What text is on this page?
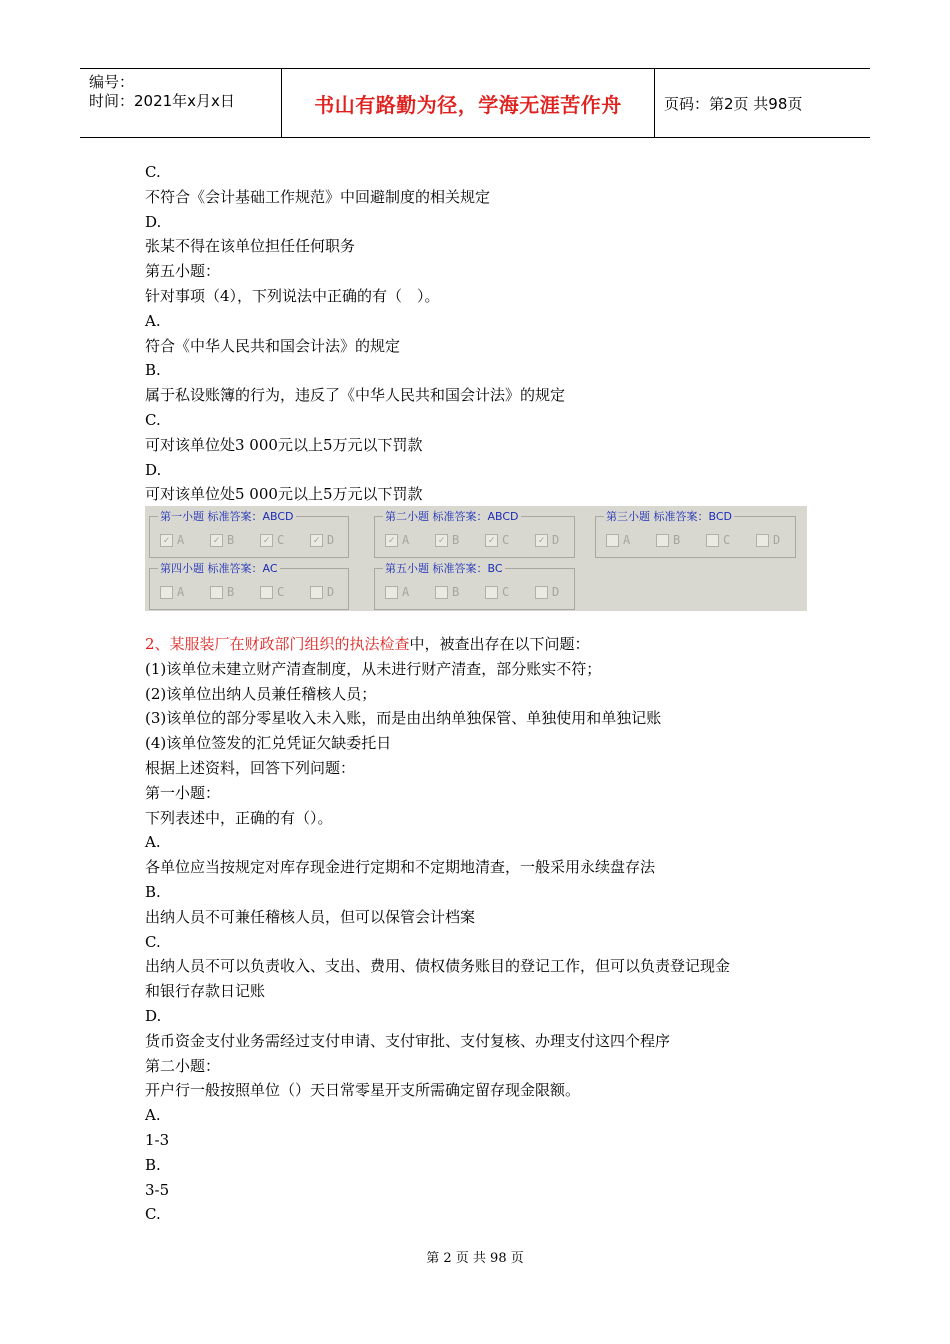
编号：
时间：2021年x月x日	书山有路勤为径，学海无涯苦作舟	页码：第2页 共98页
C.
不符合《会计基础工作规范》中回避制度的相关规定
D.
张某不得在该单位担任任何职务
第五小题：
针对事项（4），下列说法中正确的有（　）。
A.
符合《中华人民共和国会计法》的规定
B.
属于私设账簿的行为，违反了《中华人民共和国会计法》的规定
C.
可对该单位处3 000元以上5万元以下罚款
D.
可对该单位处5 000元以上5万元以下罚款
第一小题 标准答案：ABCD
✓ A	✓ B	✓ C	✓ D
第二小题 标准答案：ABCD
✓ A	✓ B	✓ C	✓ D
第三小题 标准答案：BCD
A	B	C	D
第四小题 标准答案：AC
A	B	C	D
第五小题 标准答案：BC
A	B	C	D
2、某服装厂在财政部门组织的执法检查中，被查出存在以下问题：
(1)该单位未建立财产清查制度，从未进行财产清查，部分账实不符；
(2)该单位出纳人员兼任稽核人员；
(3)该单位的部分零星收入未入账，而是由出纳单独保管、单独使用和单独记账
(4)该单位签发的汇兑凭证欠缺委托日
根据上述资料，回答下列问题：
第一小题：
下列表述中，正确的有（）。
A.
各单位应当按规定对库存现金进行定期和不定期地清查，一般采用永续盘存法
B.
出纳人员不可兼任稽核人员，但可以保管会计档案
C.
出纳人员不可以负责收入、支出、费用、债权债务账目的登记工作，但可以负责登记现金
和银行存款日记账
D.
货币资金支付业务需经过支付申请、支付审批、支付复核、办理支付这四个程序
第二小题：
开户行一般按照单位（）天日常零星开支所需确定留存现金限额。
A.
1-3
B.
3-5
C.
第 2 页 共 98 页
